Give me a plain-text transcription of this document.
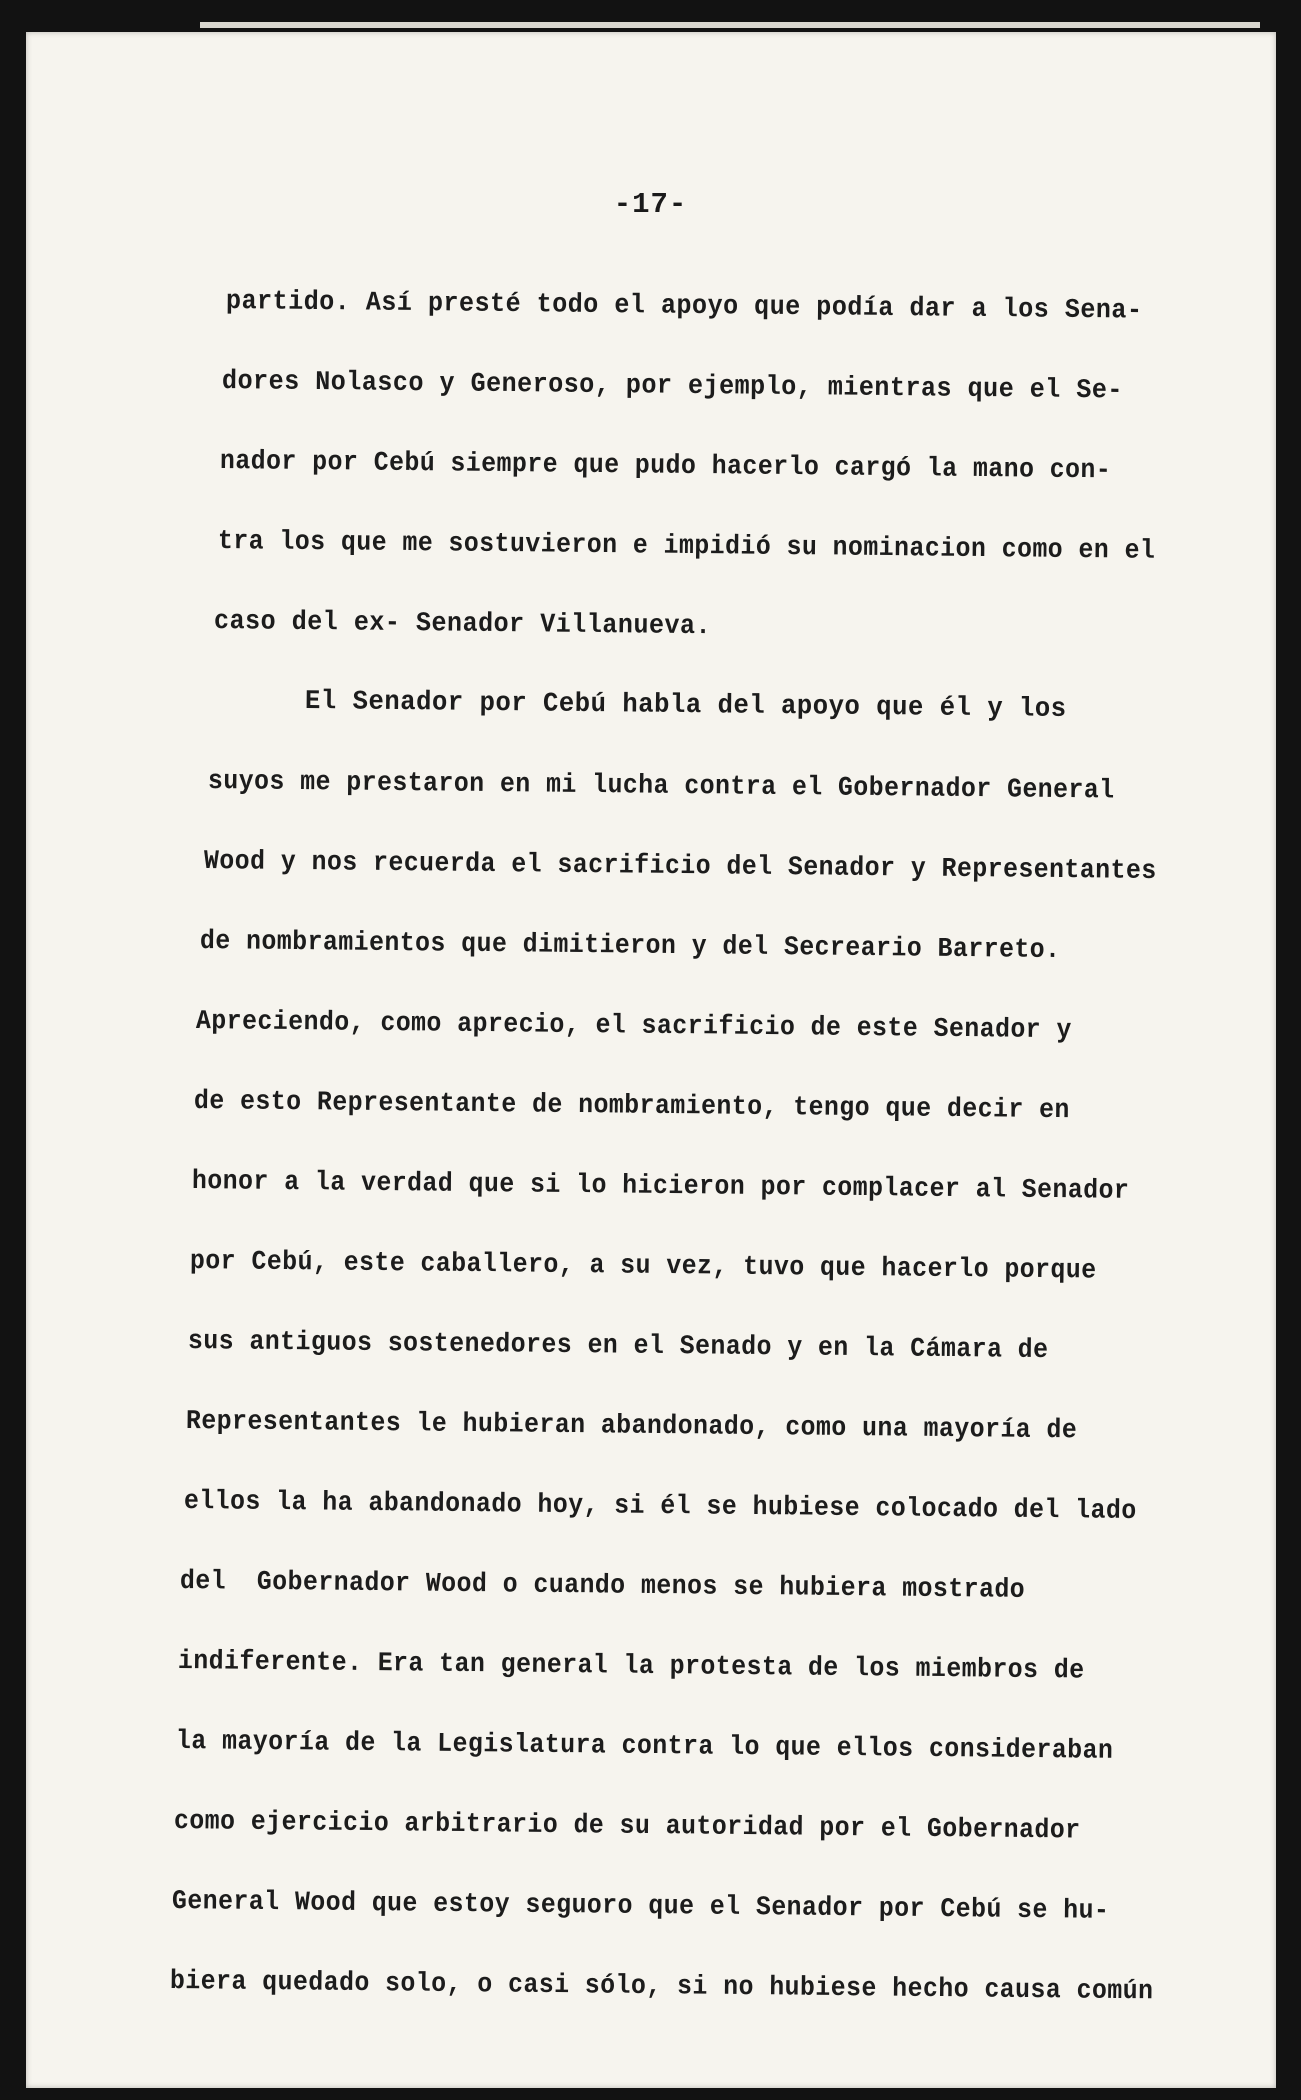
-17-
partido. Así presté todo el apoyo que podía dar a los Sena-
dores Nolasco y Generoso, por ejemplo, mientras que el Se-
nador por Cebú siempre que pudo hacerlo cargó la mano con-
tra los que me sostuvieron e impidió su nominacion como en el
caso del ex- Senador Villanueva.
El Senador por Cebú habla del apoyo que él y los
suyos me prestaron en mi lucha contra el Gobernador General
Wood y nos recuerda el sacrificio del Senador y Representantes
de nombramientos que dimitieron y del Secreario Barreto.
Apreciendo, como aprecio, el sacrificio de este Senador y
de esto Representante de nombramiento, tengo que decir en
honor a la verdad que si lo hicieron por complacer al Senador
por Cebú, este caballero, a su vez, tuvo que hacerlo porque
sus antiguos sostenedores en el Senado y en la Cámara de
Representantes le hubieran abandonado, como una mayoría de
ellos la ha abandonado hoy, si él se hubiese colocado del lado
del  Gobernador Wood o cuando menos se hubiera mostrado
indiferente. Era tan general la protesta de los miembros de
la mayoría de la Legislatura contra lo que ellos consideraban
como ejercicio arbitrario de su autoridad por el Gobernador
General Wood que estoy seguoro que el Senador por Cebú se hu-
biera quedado solo, o casi sólo, si no hubiese hecho causa común
